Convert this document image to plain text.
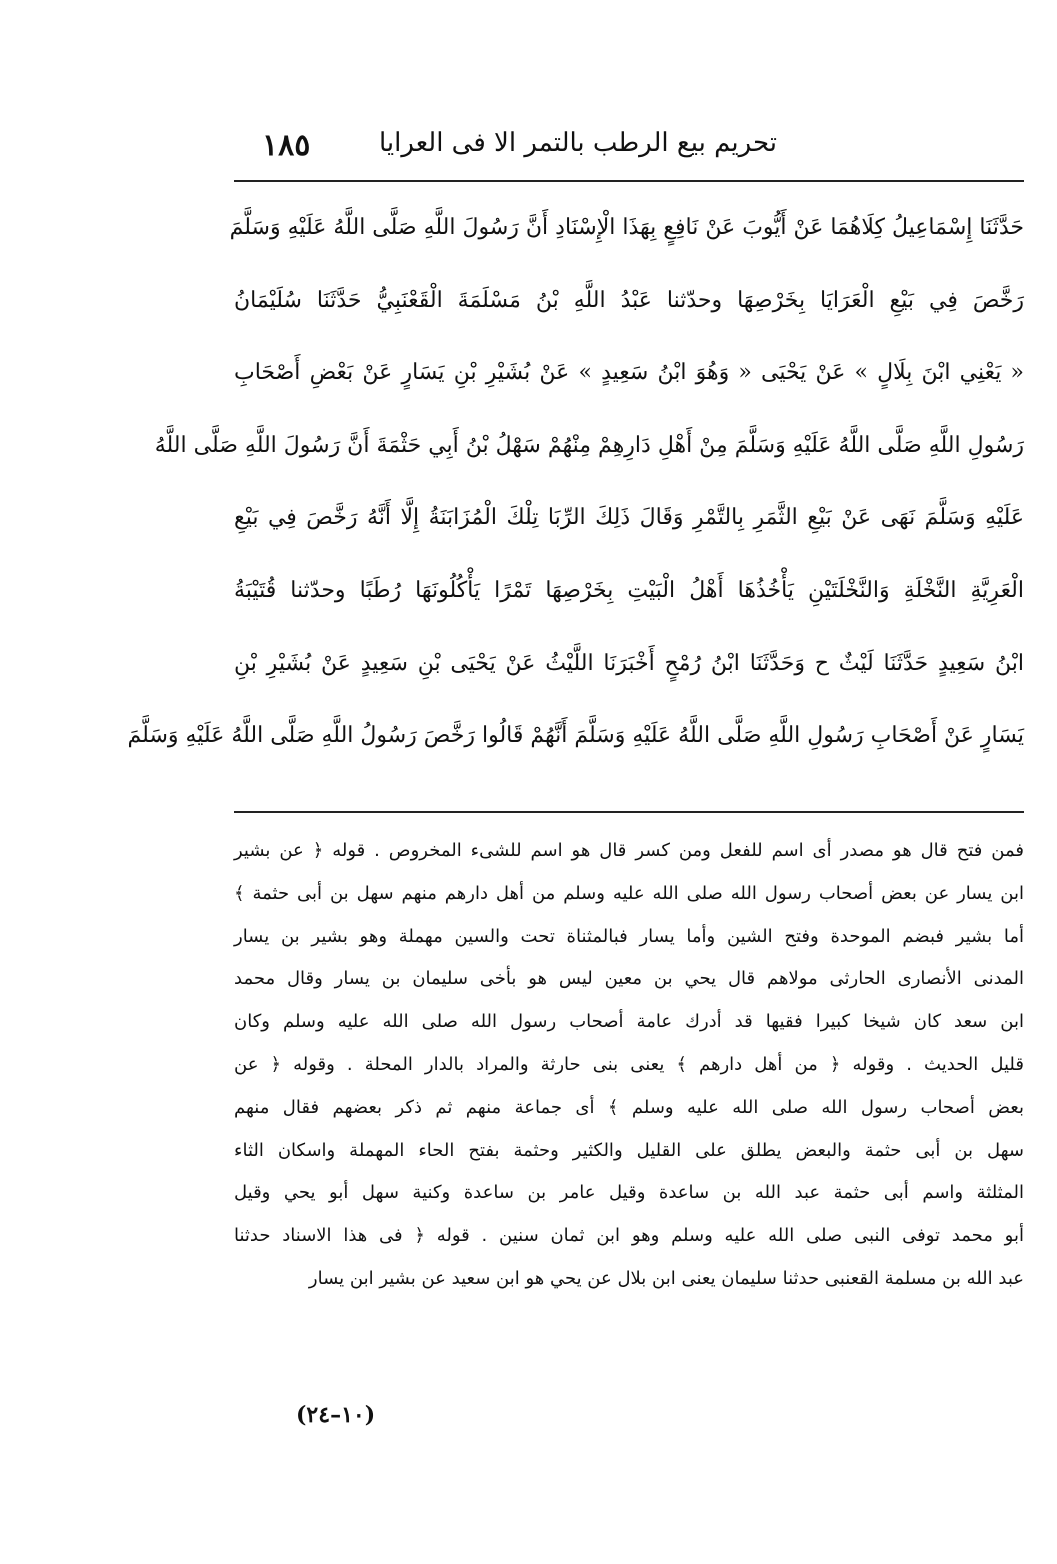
١٨٥	تحريم بيع الرطب بالتمر الا فى العرايا
حَدَّثَنَا إِسْمَاعِيلُ كِلَاهُمَا عَنْ أَيُّوبَ عَنْ نَافِعٍ بِهَذَا الْإِسْنَادِ أَنَّ رَسُولَ اللَّهِ صَلَّى اللَّهُ عَلَيْهِ وَسَلَّمَ
رَخَّصَ فِي بَيْعِ الْعَرَايَا بِخَرْصِهَا وحدّثنا عَبْدُ اللَّهِ بْنُ مَسْلَمَةَ الْقَعْنَبِيُّ حَدَّثَنَا سُلَيْمَانُ
« يَعْنِي ابْنَ بِلَالٍ » عَنْ يَحْيَى « وَهُوَ ابْنُ سَعِيدٍ » عَنْ بُشَيْرِ بْنِ يَسَارٍ عَنْ بَعْضِ أَصْحَابِ
رَسُولِ اللَّهِ صَلَّى اللَّهُ عَلَيْهِ وَسَلَّمَ مِنْ أَهْلِ دَارِهِمْ مِنْهُمْ سَهْلُ بْنُ أَبِي حَثْمَةَ أَنَّ رَسُولَ اللَّهِ صَلَّى اللَّهُ
عَلَيْهِ وَسَلَّمَ نَهَى عَنْ بَيْعِ الثَّمَرِ بِالتَّمْرِ وَقَالَ ذَلِكَ الرِّبَا تِلْكَ الْمُزَابَنَةُ إِلَّا أَنَّهُ رَخَّصَ فِي بَيْعِ
الْعَرِيَّةِ النَّخْلَةِ وَالنَّخْلَتَيْنِ يَأْخُذُهَا أَهْلُ الْبَيْتِ بِخَرْصِهَا تَمْرًا يَأْكُلُونَهَا رُطَبًا وحدّثنا قُتَيْبَةُ
ابْنُ سَعِيدٍ حَدَّثَنَا لَيْثٌ ح وَحَدَّثَنَا ابْنُ رُمْحٍ أَخْبَرَنَا اللَّيْثُ عَنْ يَحْيَى بْنِ سَعِيدٍ عَنْ بُشَيْرِ بْنِ
يَسَارٍ عَنْ أَصْحَابِ رَسُولِ اللَّهِ صَلَّى اللَّهُ عَلَيْهِ وَسَلَّمَ أَنَّهُمْ قَالُوا رَخَّصَ رَسُولُ اللَّهِ صَلَّى اللَّهُ عَلَيْهِ وَسَلَّمَ
فمن فتح قال هو مصدر أى اسم للفعل ومن كسر قال هو اسم للشىء المخروص . قوله ﴿ عن بشير
ابن يسار عن بعض أصحاب رسول الله صلى الله عليه وسلم من أهل دارهم منهم سهل بن أبى حثمة ﴾
أما بشير فبضم الموحدة وفتح الشين وأما يسار فبالمثناة تحت والسين مهملة وهو بشير بن يسار
المدنى الأنصارى الحارثى مولاهم قال يحي بن معين ليس هو بأخى سليمان بن يسار وقال محمد
ابن سعد كان شيخا كبيرا فقيها قد أدرك عامة أصحاب رسول الله صلى الله عليه وسلم وكان
قليل الحديث . وقوله ﴿ من أهل دارهم ﴾ يعنى بنى حارثة والمراد بالدار المحلة . وقوله ﴿ عن
بعض أصحاب رسول الله صلى الله عليه وسلم ﴾ أى جماعة منهم ثم ذكر بعضهم فقال منهم
سهل بن أبى حثمة والبعض يطلق على القليل والكثير وحثمة بفتح الحاء المهملة واسكان الثاء
المثلثة واسم أبى حثمة عبد الله بن ساعدة وقيل عامر بن ساعدة وكنية سهل أبو يحي وقيل
أبو محمد توفى النبى صلى الله عليه وسلم وهو ابن ثمان سنين . قوله ﴿ فى هذا الاسناد حدثنا
عبد الله بن مسلمة القعنبى حدثنا سليمان يعنى ابن بلال عن يحي هو ابن سعيد عن بشير ابن يسار
(١٠–٢٤)
